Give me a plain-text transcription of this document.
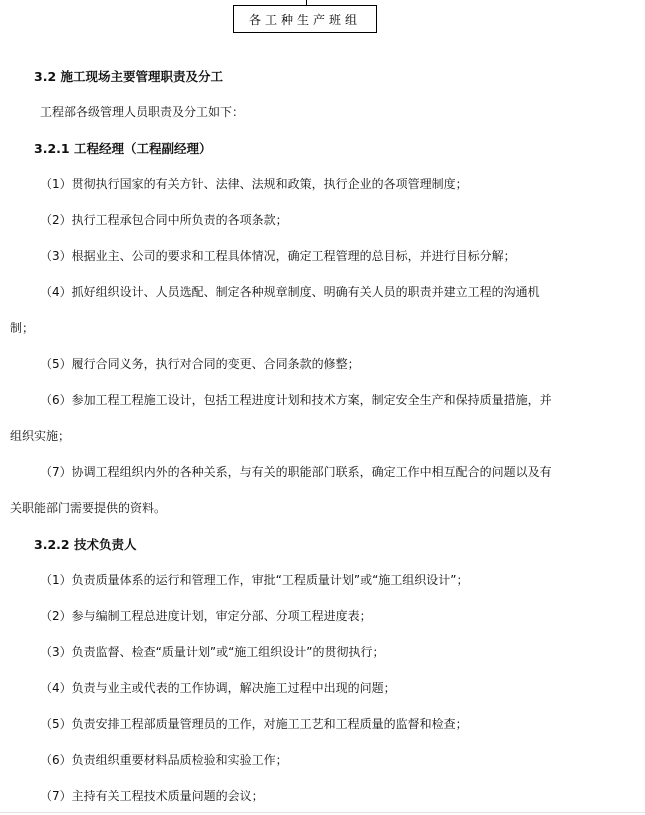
各工种生产班组
3.2 施工现场主要管理职责及分工
工程部各级管理人员职责及分工如下：
3.2.1 工程经理（工程副经理）
（1）贯彻执行国家的有关方针、法律、法规和政策，执行企业的各项管理制度；
（2）执行工程承包合同中所负责的各项条款；
（3）根据业主、公司的要求和工程具体情况，确定工程管理的总目标，并进行目标分解；
（4）抓好组织设计、人员选配、制定各种规章制度、明确有关人员的职责并建立工程的沟通机
制；
（5）履行合同义务，执行对合同的变更、合同条款的修整；
（6）参加工程工程施工设计，包括工程进度计划和技术方案，制定安全生产和保持质量措施，并
组织实施；
（7）协调工程组织内外的各种关系，与有关的职能部门联系，确定工作中相互配合的问题以及有
关职能部门需要提供的资料。
3.2.2 技术负责人
（1）负责质量体系的运行和管理工作，审批“工程质量计划”或“施工组织设计”；
（2）参与编制工程总进度计划，审定分部、分项工程进度表；
（3）负责监督、检查“质量计划”或“施工组织设计”的贯彻执行；
（4）负责与业主或代表的工作协调，解决施工过程中出现的问题；
（5）负责安排工程部质量管理员的工作，对施工工艺和工程质量的监督和检查；
（6）负责组织重要材料品质检验和实验工作；
（7）主持有关工程技术质量问题的会议；
